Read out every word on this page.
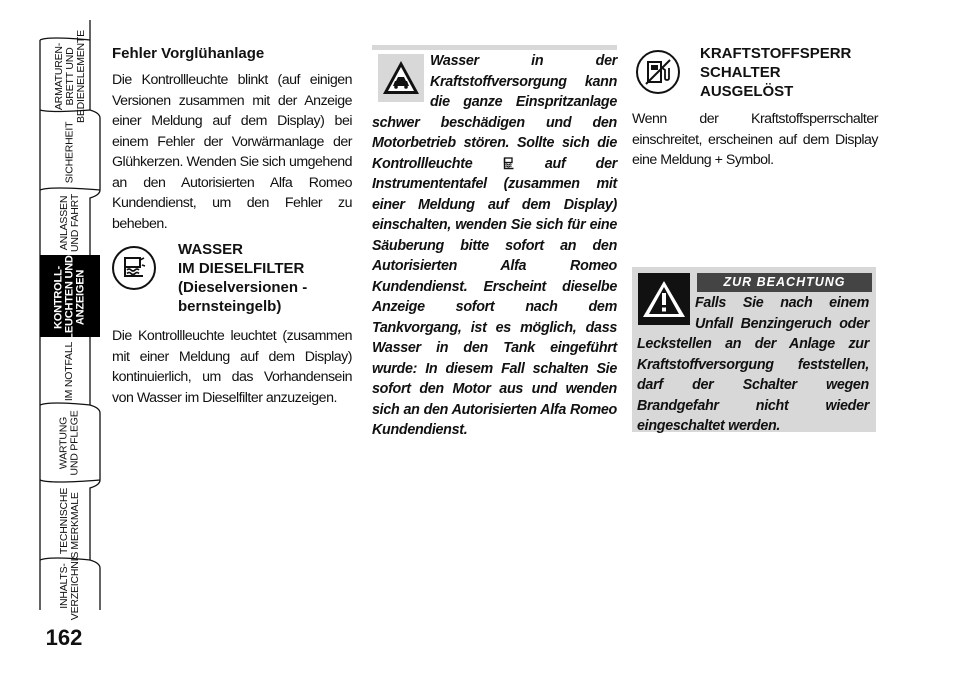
ARMATUREN-
BRETT UND
BEDIENELEMENTE
SICHERHEIT
ANLASSEN
UND FAHRT
KONTROLL-
LEUCHTEN UND
ANZEIGEN
IM NOTFALL
WARTUNG
UND PFLEGE
TECHNISCHE
MERKMALE
INHALTS-
VERZEICHNIS
162
Fehler Vorglühanlage

Die Kontrollleuchte blinkt (auf einigen Versionen zusammen mit der Anzeige einer Meldung auf dem Display) bei einem Fehler der Vorwärmanlage der Glühkerzen. Wenden Sie sich umgehend an den Autorisierten Alfa Romeo Kundendienst, um den Fehler zu beheben.

WASSER
IM DIESELFILTER
(Dieselversionen -
bernsteingelb)

Die Kontrollleuchte leuchtet (zusammen mit einer Meldung auf dem Display) kontinuierlich, um das Vorhandensein von Wasser im Dieselfilter anzuzeigen.

Wasser in der Kraftstoffversorgung kann die ganze Einspritzanlage schwer beschädigen und den Motorbetrieb stören. Sollte sich die Kontrollleuchte	auf der Instrumententafel (zusammen mit einer Meldung auf dem Display) einschalten, wenden Sie sich für eine Säuberung bitte sofort an den Autorisierten Alfa Romeo Kundendienst. Erscheint dieselbe Anzeige sofort nach dem Tankvorgang, ist es möglich, dass Wasser in den Tank eingeführt wurde: In diesem Fall schalten Sie sofort den Motor aus und wenden sich an den Autorisierten Alfa Romeo Kundendienst.

KRAFTSTOFFSPERR
SCHALTER
AUSGELÖST

Wenn der Kraftstoffsperrschalter einschreitet, erscheinen auf dem Display eine Meldung + Symbol.

ZUR BEACHTUNG

Falls Sie nach einem Unfall Benzingeruch oder Leckstellen an der Anlage zur Kraftstoffversorgung feststellen, darf der Schalter wegen Brandgefahr nicht wieder eingeschaltet werden.
